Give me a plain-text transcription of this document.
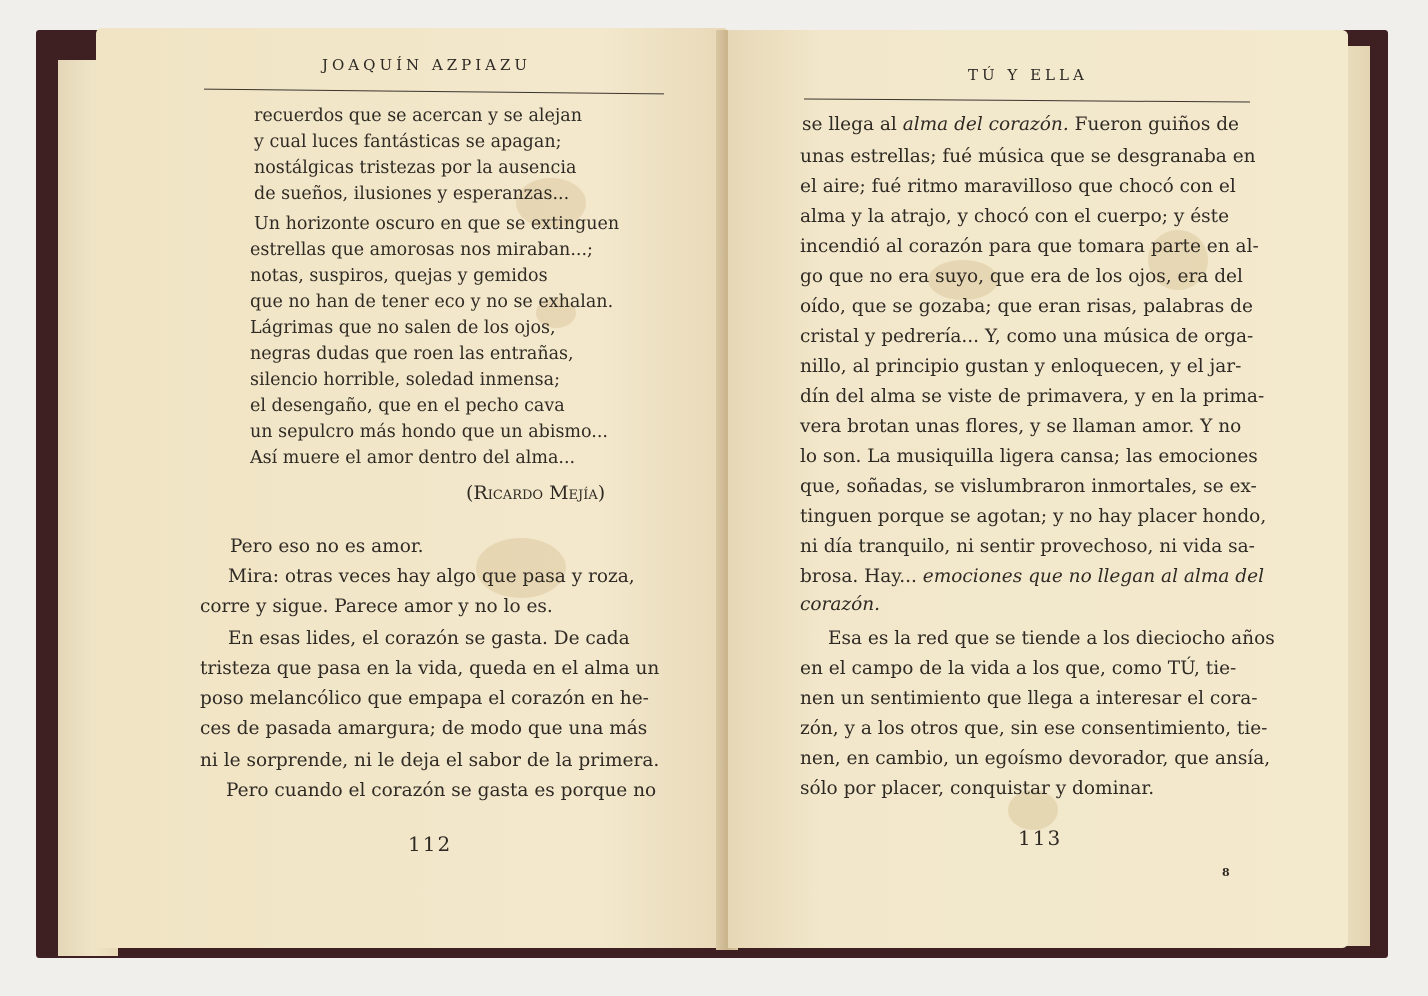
JOAQUÍN AZPIAZU
recuerdos que se acercan y se alejan
y cual luces fantásticas se apagan;
nostálgicas tristezas por la ausencia
de sueños, ilusiones y esperanzas...
Un horizonte oscuro en que se extinguen
estrellas que amorosas nos miraban...;
notas, suspiros, quejas y gemidos
que no han de tener eco y no se exhalan.
Lágrimas que no salen de los ojos,
negras dudas que roen las entrañas,
silencio horrible, soledad inmensa;
el desengaño, que en el pecho cava
un sepulcro más hondo que un abismo...
Así muere el amor dentro del alma...
(Ricardo Mejía)
Pero eso no es amor.
Mira: otras veces hay algo que pasa y roza,
corre y sigue. Parece amor y no lo es.
En esas lides, el corazón se gasta. De cada
tristeza que pasa en la vida, queda en el alma un
poso melancólico que empapa el corazón en he-
ces de pasada amargura; de modo que una más
ni le sorprende, ni le deja el sabor de la primera.
Pero cuando el corazón se gasta es porque no
112
TÚ Y ELLA
se llega al alma del corazón. Fueron guiños de
unas estrellas; fué música que se desgranaba en
el aire; fué ritmo maravilloso que chocó con el
alma y la atrajo, y chocó con el cuerpo; y éste
incendió al corazón para que tomara parte en al-
go que no era suyo, que era de los ojos, era del
oído, que se gozaba; que eran risas, palabras de
cristal y pedrería... Y, como una música de orga-
nillo, al principio gustan y enloquecen, y el jar-
dín del alma se viste de primavera, y en la prima-
vera brotan unas flores, y se llaman amor. Y no
lo son. La musiquilla ligera cansa; las emociones
que, soñadas, se vislumbraron inmortales, se ex-
tinguen porque se agotan; y no hay placer hondo,
ni día tranquilo, ni sentir provechoso, ni vida sa-
brosa. Hay... emociones que no llegan al alma del
corazón.
Esa es la red que se tiende a los dieciocho años
en el campo de la vida a los que, como TÚ, tie-
nen un sentimiento que llega a interesar el cora-
zón, y a los otros que, sin ese consentimiento, tie-
nen, en cambio, un egoísmo devorador, que ansía,
sólo por placer, conquistar y dominar.
113
8
